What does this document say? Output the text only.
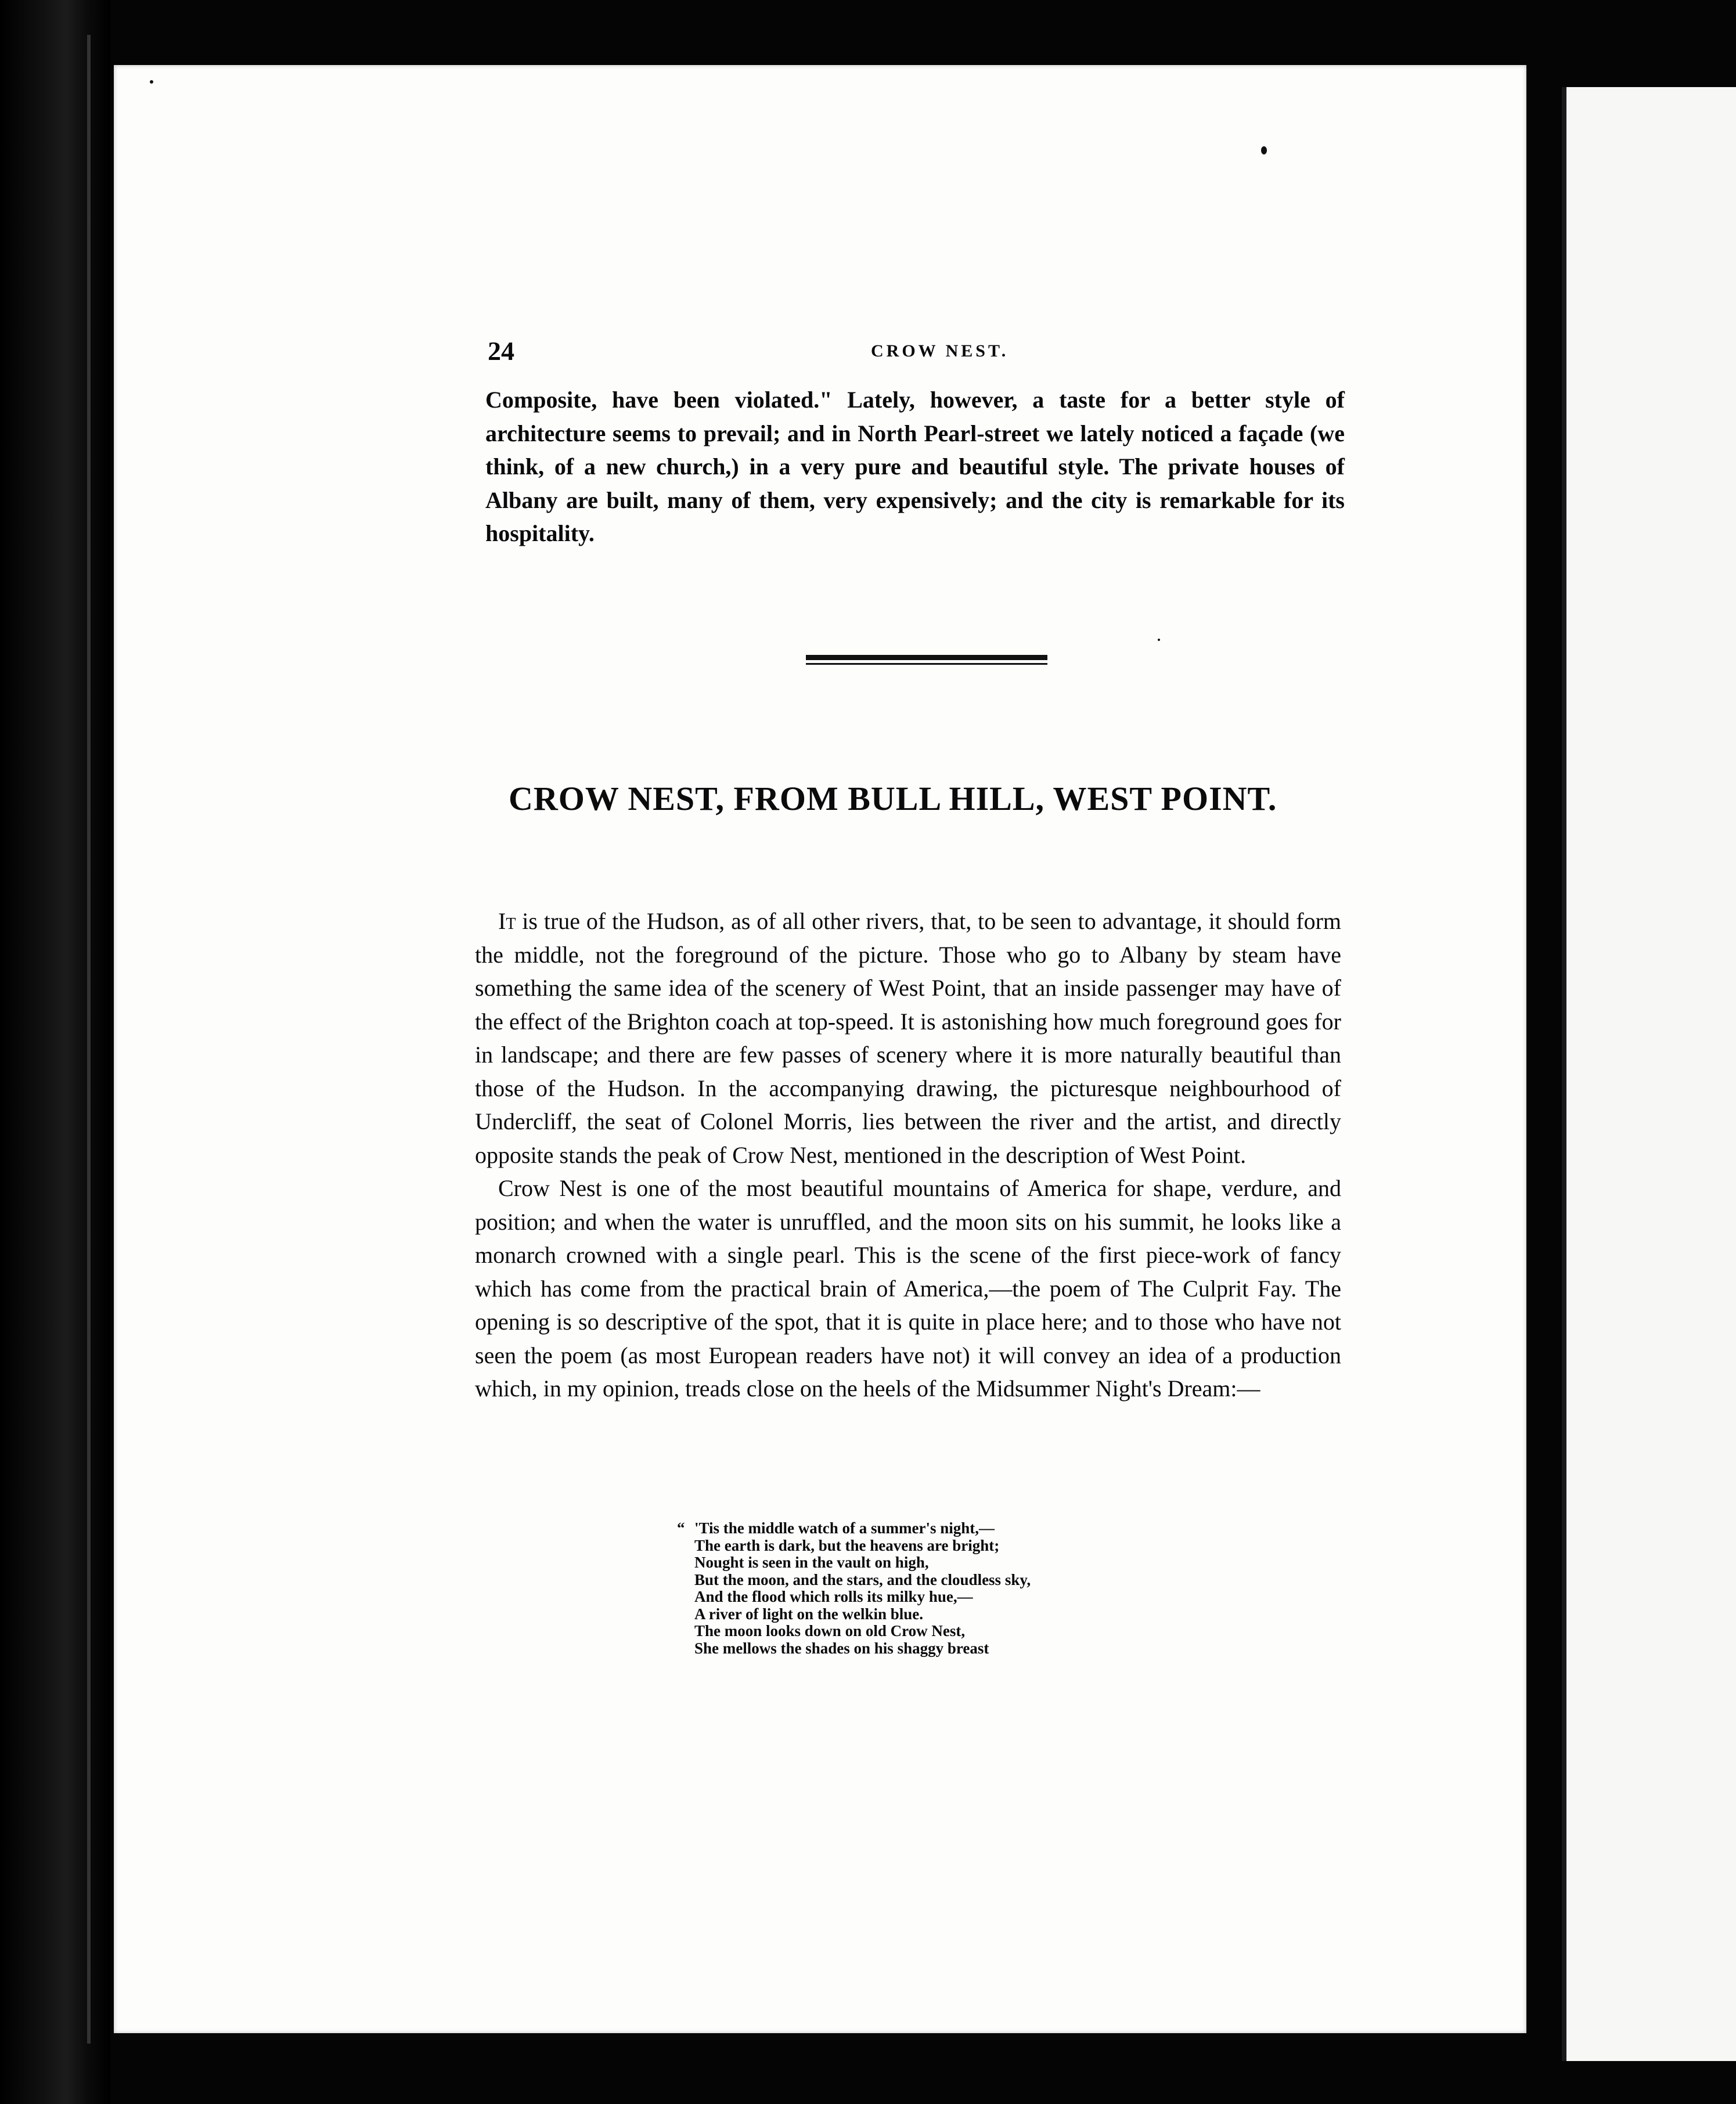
24	CROW NEST.

Composite, have been violated." Lately, however, a taste for a better style of architecture seems to prevail; and in North Pearl-street we lately noticed a façade (we think, of a new church,) in a very pure and beautiful style. The private houses of Albany are built, many of them, very expensively; and the city is remarkable for its hospitality.

CROW NEST, FROM BULL HILL, WEST POINT.

It is true of the Hudson, as of all other rivers, that, to be seen to advantage, it should form the middle, not the foreground of the picture. Those who go to Albany by steam have something the same idea of the scenery of West Point, that an inside passenger may have of the effect of the Brighton coach at top-speed. It is astonishing how much foreground goes for in landscape; and there are few passes of scenery where it is more naturally beautiful than those of the Hudson. In the accompanying drawing, the picturesque neighbourhood of Undercliff, the seat of Colonel Morris, lies between the river and the artist, and directly opposite stands the peak of Crow Nest, mentioned in the description of West Point.

Crow Nest is one of the most beautiful mountains of America for shape, verdure, and position; and when the water is unruffled, and the moon sits on his summit, he looks like a monarch crowned with a single pearl. This is the scene of the first piece-work of fancy which has come from the practical brain of America,—the poem of The Culprit Fay. The opening is so descriptive of the spot, that it is quite in place here; and to those who have not seen the poem (as most European readers have not) it will convey an idea of a production which, in my opinion, treads close on the heels of the Midsummer Night's Dream:—

“ 'Tis the middle watch of a summer's night,—
The earth is dark, but the heavens are bright;
Nought is seen in the vault on high,
But the moon, and the stars, and the cloudless sky,
And the flood which rolls its milky hue,—
A river of light on the welkin blue.
The moon looks down on old Crow Nest,
She mellows the shades on his shaggy breast
